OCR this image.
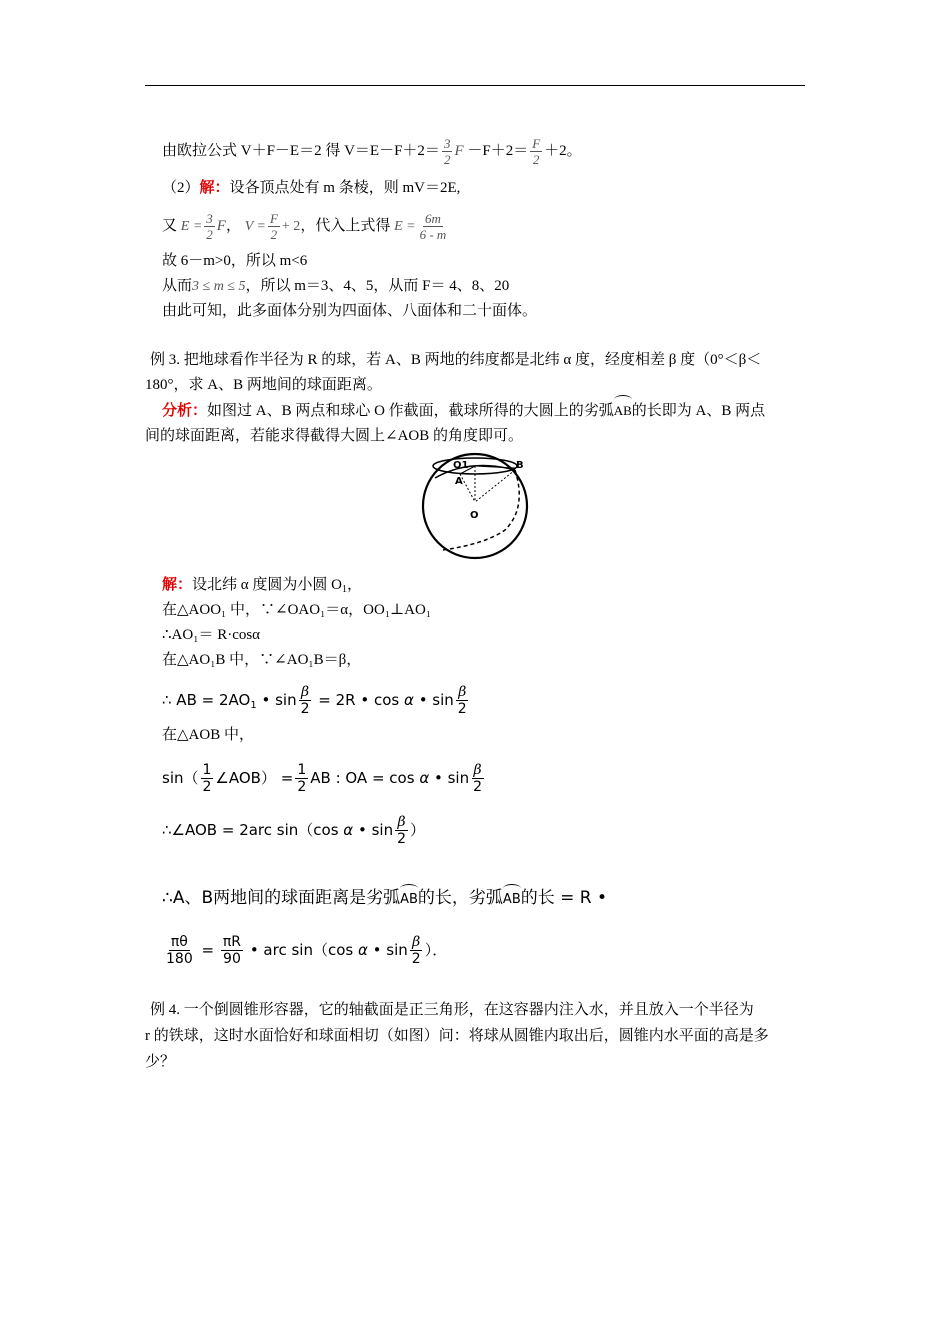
由欧拉公式 V＋F－E＝2 得 $V=E-F+2= \frac{3}{2}$ $F -F+2= \frac{F}{2} +2$。
（2）解：设各顶点处有 m 条棱，则 mV＝2E,
又 $E = \frac{3}{2}$ F， $V = \frac{F}{2} + 2$，代入上式得 $E = \frac{6m}{6 - m}$
故 6－m>0，所以 m<6
从而3 ≤ m ≤ 5，所以 m＝3、4、5，从而 F＝ 4、8、20
由此可知，此多面体分别为四面体、八面体和二十面体。
例 3. 把地球看作半径为 R 的球，若 A、B 两地的纬度都是北纬 α 度，经度相差 β 度（0°＜β＜
180°，求 A、B 两地间的球面距离。
分析：如图过 A、B 两点和球心 O 作截面，截球所得的大圆上的劣弧AB的长即为 A、B 两点
间的球面距离，若能求得截得大圆上∠AOB 的角度即可。
O1
A
B
O
解：设北纬 α 度圆为小圆 $O_1$，
在△AOO₁ 中，∵∠OAO₁＝α，OO₁⊥AO₁
∴AO₁＝ R·cosα
在△AO₁B 中，∵∠AO₁B＝β，
∴ AB = $2AO_1$ • $\sin \frac{\beta}{2} = 2R$ • cos α • $\sin \frac{\beta}{2}$
在△AOB 中，
$\sin( \frac{1}{2}$ ∠AOB） = $\frac{1}{2}$ AB : OA = cos α • $\sin \frac{\beta}{2}$
∴∠AOB = 2arc sin（cos α • $\sin \frac{\beta}{2}$ ）
∴A、B两地间的球面距离是劣弧AB的长，劣弧AB的长 = R •
$\frac{\pi\theta}{180} = \frac{\pi R}{90}$ • arc sin（cos α • $\sin \frac{\beta}{2}$ ）．
例 4. 一个倒圆锥形容器，它的轴截面是正三角形，在这容器内注入水，并且放入一个半径为
r 的铁球，这时水面恰好和球面相切（如图）问：将球从圆锥内取出后，圆锥内水平面的高是多
少？
